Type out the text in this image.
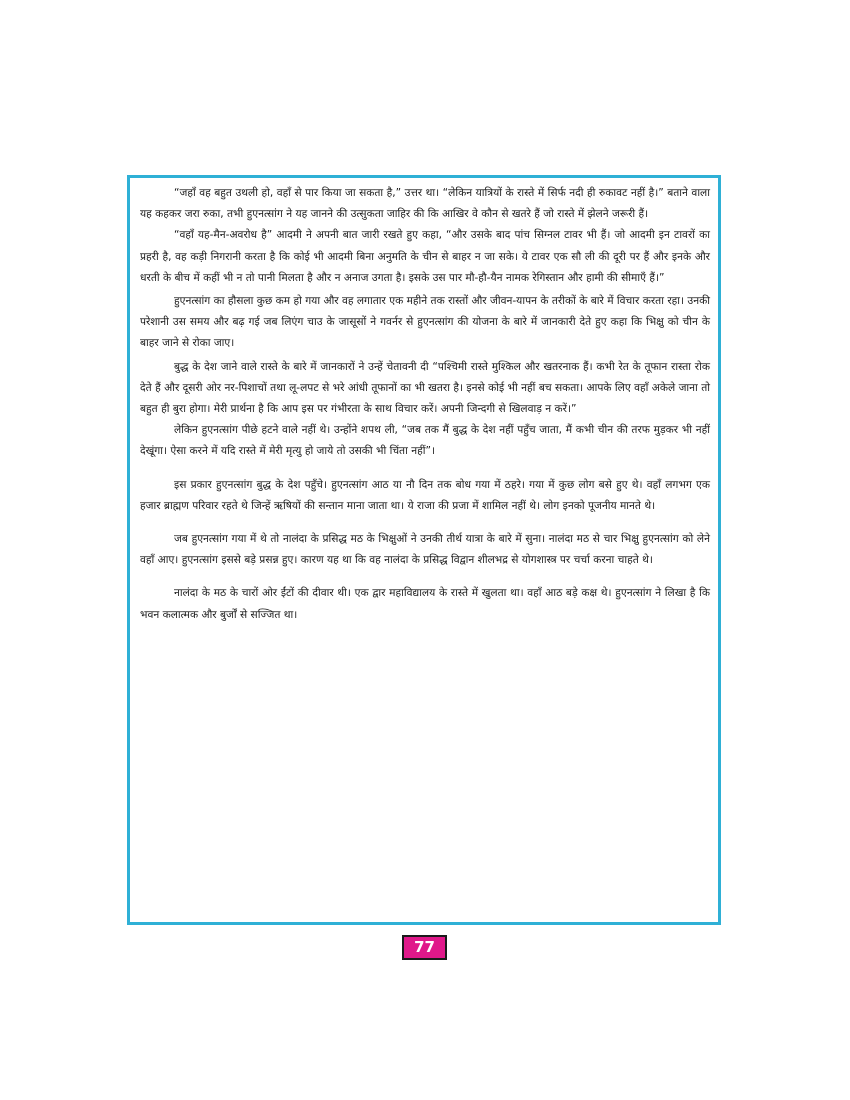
“जहाँ वह बहुत उथली हो, वहाँ से पार किया जा सकता है,” उत्तर था। “लेकिन यात्रियों के रास्ते में सिर्फ नदी ही रुकावट नहीं है।” बताने वाला यह कहकर जरा रुका, तभी हुएनत्सांग ने यह जानने की उत्सुकता जाहिर की कि आखिर वे कौन से खतरे हैं जो रास्ते में झेलने जरूरी हैं।

“वहाँ यह-मैन-अवरोध है” आदमी ने अपनी बात जारी रखते हुए कहा, “और उसके बाद पांच सिग्नल टावर भी हैं। जो आदमी इन टावरों का प्रहरी है, वह कड़ी निगरानी करता है कि कोई भी आदमी बिना अनुमति के चीन से बाहर न जा सके। ये टावर एक सौ ली की दूरी पर हैं और इनके और धरती के बीच में कहीं भी न तो पानी मिलता है और न अनाज उगता है। इसके उस पार मौ-हौ-यैन नामक रेगिस्तान और हामी की सीमाएँ हैं।”

हुएनत्सांग का हौसला कुछ कम हो गया और वह लगातार एक महीने तक रास्तों और जीवन-यापन के तरीकों के बारे में विचार करता रहा। उनकी परेशानी उस समय और बढ़ गई जब लिएंग चाउ के जासूसों ने गवर्नर से हुएनत्सांग की योजना के बारे में जानकारी देते हुए कहा कि भिक्षु को चीन के बाहर जाने से रोका जाए।

बुद्ध के देश जाने वाले रास्ते के बारे में जानकारों ने उन्हें चेतावनी दी “पश्चिमी रास्ते मुश्किल और खतरनाक हैं। कभी रेत के तूफान रास्ता रोक देते हैं और दूसरी ओर नर-पिशाचों तथा लू-लपट से भरे आंधी तूफानों का भी खतरा है। इनसे कोई भी नहीं बच सकता। आपके लिए वहाँ अकेले जाना तो बहुत ही बुरा होगा। मेरी प्रार्थना है कि आप इस पर गंभीरता के साथ विचार करें। अपनी जिन्दगी से खिलवाड़ न करें।”

लेकिन हुएनत्सांग पीछे हटने वाले नहीं थे। उन्होंने शपथ ली, “जब तक मैं बुद्ध के देश नहीं पहुँच जाता, मैं कभी चीन की तरफ मुड़कर भी नहीं देखूंगा। ऐसा करने में यदि रास्ते में मेरी मृत्यु हो जाये तो उसकी भी चिंता नहीं”।

इस प्रकार हुएनत्सांग बुद्ध के देश पहुँचे। हुएनत्सांग आठ या नौ दिन तक बोध गया में ठहरे। गया में कुछ लोग बसे हुए थे। वहाँ लगभग एक हजार ब्राह्मण परिवार रहते थे जिन्हें ऋषियों की सन्तान माना जाता था। ये राजा की प्रजा में शामिल नहीं थे। लोग इनको पूजनीय मानते थे।

जब हुएनत्सांग गया में थे तो नालंदा के प्रसिद्ध मठ के भिक्षुओं ने उनकी तीर्थ यात्रा के बारे में सुना। नालंदा मठ से चार भिक्षु हुएनत्सांग को लेने वहाँ आए। हुएनत्सांग इससे बड़े प्रसन्न हुए। कारण यह था कि वह नालंदा के प्रसिद्ध विद्वान शीलभद्र से योगशास्त्र पर चर्चा करना चाहते थे।

नालंदा के मठ के चारों ओर ईंटों की दीवार थी। एक द्वार महाविद्यालय के रास्ते में खुलता था। वहाँ आठ बड़े कक्ष थे। हुएनत्सांग ने लिखा है कि भवन कलात्मक और बुर्जों से सज्जित था।

77
